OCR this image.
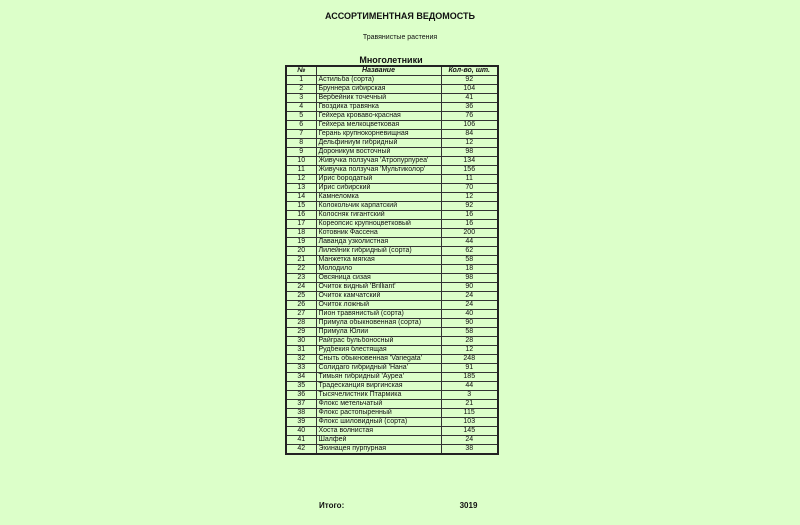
АССОРТИМЕНТНАЯ ВЕДОМОСТЬ
Травянистые растения
Многолетники
№	Название	Кол-во, шт.
1	Астильба (сорта)	92
2	Бруннера сибирская	104
3	Вербейник точечный	41
4	Гвоздика травянка	36
5	Гейхера кроваво-красная	76
6	Гейхера мелкоцветковая	106
7	Герань крупнокорневищная	84
8	Дельфиниум гибридный	12
9	Дороникум восточный	98
10	Живучка ползучая 'Атропурпуреа'	134
11	Живучка ползучая 'Мультиколор'	156
12	Ирис бородатый	11
13	Ирис сибирский	70
14	Камнеломка	12
15	Колокольчик карпатский	92
16	Колосняк гигантский	16
17	Кореопсис крупноцветковый	16
18	Котовник Фассена	200
19	Лаванда узколистная	44
20	Лилейник гибридный (сорта)	62
21	Манжетка мягкая	58
22	Молодило	18
23	Овсяница сизая	98
24	Очиток видный 'Brilliant'	90
25	Очиток камчатский	24
26	Очиток ложный	24
27	Пион травянистый (сорта)	40
28	Примула обыкновенная (сорта)	90
29	Примула Юлии	58
30	Райграс бульбоносный	28
31	Рудбекия блестящая	12
32	Сныть обыкновенная 'Variegata'	248
33	Солидаго гибридный 'Нана'	91
34	Тимьян гибридный 'Ауреа'	185
35	Традесканция виргинская	44
36	Тысячелистник Птармика	3
37	Флокс метельчатый	21
38	Флокс растопыренный	115
39	Флокс шиловидный (сорта)	103
40	Хоста волнистая	145
41	Шалфей	24
42	Эхинацея пурпурная	38
Итого:	3019
